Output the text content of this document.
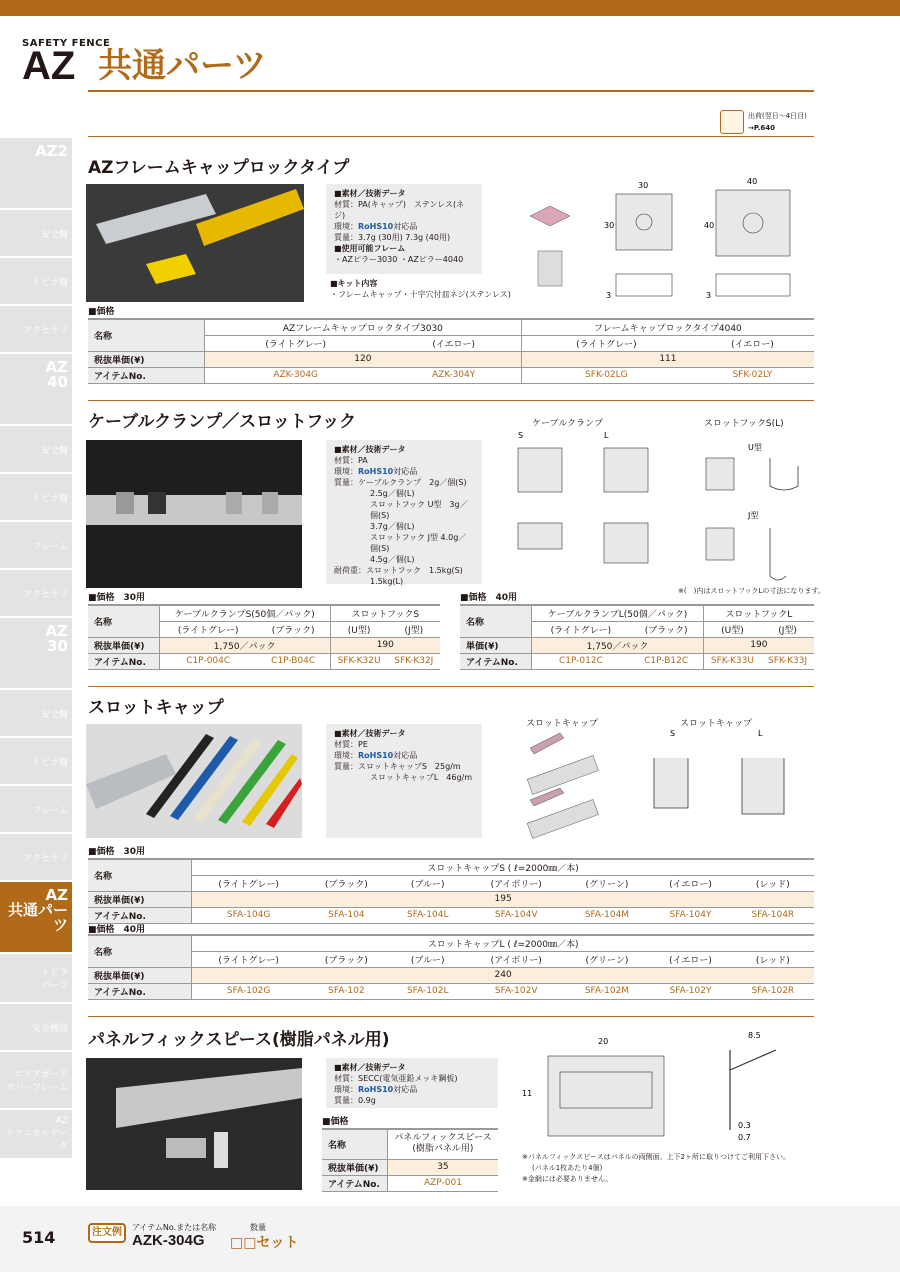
SAFETY FENCE
AZ 共通パーツ
出荷(翌日〜4日目)
→P.640
AZ2
安全柵
トビラ柵
アクセサリ
AZ
40
安全柵
トビラ柵
フレーム
アクセサリ
AZ
30
安全柵
トビラ柵
フレーム
アクセサリ
AZ
共通パーツ
トビラ
パーツ
安全機器
エリアガード
カバーフレーム
AZ
テクニカルデータ
AZフレームキャップロックタイプ
■素材／技術データ
材質：PA(キャップ)　ステンレス(ネジ)
環境：RoHS10対応品
質量：3.7g (30用) 7.3g (40用)
■使用可能フレーム
・AZピラー3030 ・AZピラー4040
■キット内容
・フレームキャップ・十字穴付皿ネジ(ステンレス)
30
30
40
40
3	3
■価格
名称	AZフレームキャップロックタイプ3030		フレームキャップロックタイプ4040	
	(ライトグレー)	(イエロー)	(ライトグレー)	(イエロー)
税抜単価(¥)	120		111	
アイテムNo.	AZK-304G	AZK-304Y	SFK-02LG	SFK-02LY
ケーブルクランプ／スロットフック
■素材／技術データ
材質：PA
環境：RoHS10対応品
質量：ケーブルクランプ　2g／個(S)
2.5g／個(L)
スロットフック U型　3g／個(S)
3.7g／個(L)
スロットフック J型 4.0g／個(S)
4.5g／個(L)
耐荷重：スロットフック　1.5kg(S)
1.5kg(L)
ケーブルクランプ	スロットフックS(L)
S	L
U型
J型
※(　)内はスロットフックLの寸法になります。
■価格　30用
名称	ケーブルクランプS(50個／パック)		スロットフックS	
	(ライトグレー)	(ブラック)	(U型)	(J型)
税抜単価(¥)	1,750／パック		190	
アイテムNo.	C1P-004C	C1P-B04C	SFK-K32U	SFK-K32J
■価格　40用
名称	ケーブルクランプL(50個／パック)		スロットフックL	
	(ライトグレー)	(ブラック)	(U型)	(J型)
単価(¥)	1,750／パック		190	
アイテムNo.	C1P-012C	C1P-B12C	SFK-K33U	SFK-K33J
スロットキャップ
■素材／技術データ
材質：PE
環境：RoHS10対応品
質量：スロットキャップS　25g/m
スロットキャップL　46g/m
スロットキャップ	スロットキャップ
S	L
■価格　30用
名称	スロットキャップS ( ℓ=2000㎜／本)						
	(ライトグレー)	(ブラック)	(ブルー)	(アイボリー)	(グリーン)	(イエロー)	(レッド)
税抜単価(¥)	195						
アイテムNo.	SFA-104G	SFA-104	SFA-104L	SFA-104V	SFA-104M	SFA-104Y	SFA-104R
■価格　40用
名称	スロットキャップL ( ℓ=2000㎜／本)						
	(ライトグレー)	(ブラック)	(ブルー)	(アイボリー)	(グリーン)	(イエロー)	(レッド)
税抜単価(¥)	240						
アイテムNo.	SFA-102G	SFA-102	SFA-102L	SFA-102V	SFA-102M	SFA-102Y	SFA-102R
パネルフィックスピース(樹脂パネル用)
■素材／技術データ
材質：SECC(電気亜鉛メッキ鋼板)
環境：RoHS10対応品
質量：0.9g
■価格
名称	パネルフィックスピース
(樹脂パネル用)

税抜単価(¥)	35
アイテムNo.	AZP-001
20
11
8.5
0.3
0.7
※パネルフィックスピースはパネルの両側面、上下2ヶ所に取りつけてご利用下さい。
(パネル1枚あたり4個)
※金網には必要ありません。
514	注文例	アイテムNo.または名称	数量
AZK-304G □□セット
